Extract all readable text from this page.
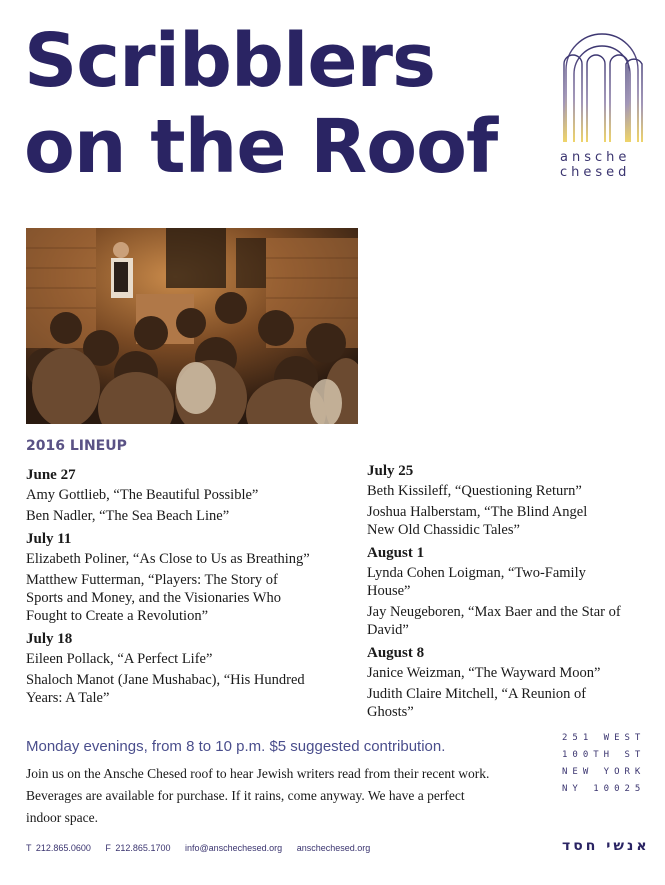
Scribblers
on the Roof	ansche
chesed
2016 LINEUP
June 27
Amy Gottlieb, “The Beautiful Possible”
Ben Nadler, “The Sea Beach Line”
July 11
Elizabeth Poliner, “As Close to Us as Breathing”
Matthew Futterman, “Players: The Story of Sports and Money, and the Visionaries Who Fought to Create a Revolution”
July 18
Eileen Pollack, “A Perfect Life”
Shaloch Manot (Jane Mushabac), “His Hundred Years: A Tale”
July 25
Beth Kissileff, “Questioning Return”
Joshua Halberstam, “The Blind Angel New Old Chassidic Tales”
August 1
Lynda Cohen Loigman, “Two-Family House”
Jay Neugeboren, “Max Baer and the Star of David”
August 8
Janice Weizman, “The Wayward Moon”
Judith Claire Mitchell, “A Reunion of Ghosts”
Monday evenings, from 8 to 10 p.m. $5 suggested contribution.
Join us on the Ansche Chesed roof to hear Jewish writers read from their recent work. Beverages are available for purchase. If it rains, come anyway. We have a perfect indoor space.
251 WEST
100TH ST
NEW YORK
NY 10025
T 212.865.0600 F 212.865.1700 info@anschechesed.org anschechesed.org	אנשי חסד
